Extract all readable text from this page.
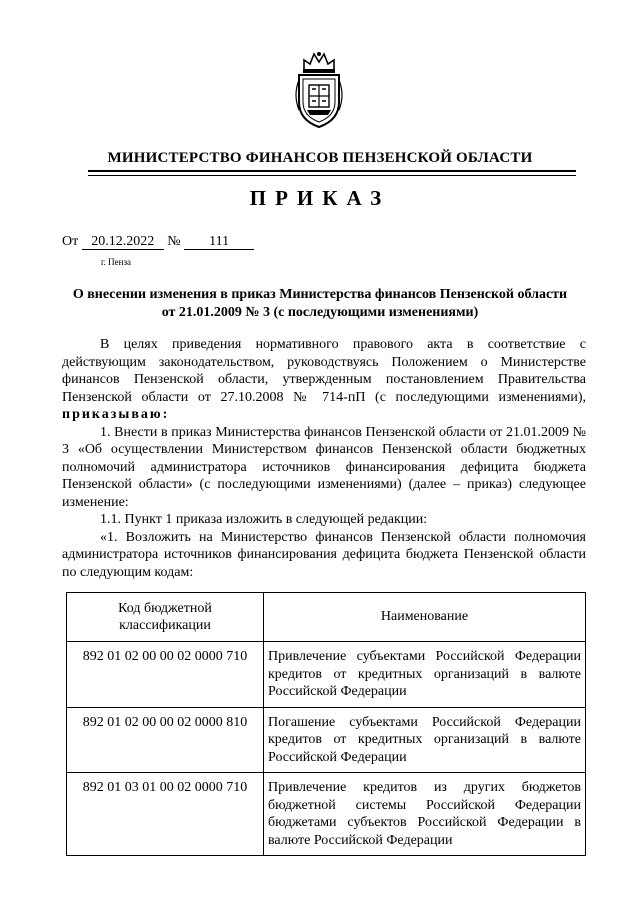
МИНИСТЕРСТВО ФИНАНСОВ ПЕНЗЕНСКОЙ ОБЛАСТИ
ПРИКАЗ
От 20.12.2022 № 111
г. Пенза
О внесении изменения в приказ Министерства финансов Пензенской области от 21.01.2009 № 3 (с последующими изменениями)

В целях приведения нормативного правового акта в соответствие с действующим законодательством, руководствуясь Положением о Министерстве финансов Пензенской области, утвержденным постановлением Правительства Пензенской области от 27.10.2008 № 714-пП (с последующими изменениями), приказываю:

1. Внести в приказ Министерства финансов Пензенской области от 21.01.2009 № 3 «Об осуществлении Министерством финансов Пензенской области бюджетных полномочий администратора источников финансирования дефицита бюджета Пензенской области» (с последующими изменениями) (далее – приказ) следующее изменение:

1.1. Пункт 1 приказа изложить в следующей редакции:

«1. Возложить на Министерство финансов Пензенской области полномочия администратора источников финансирования дефицита бюджета Пензенской области по следующим кодам:

Код бюджетной классификации	Наименование
892 01 02 00 00 02 0000 710	Привлечение субъектами Российской Федерации кредитов от кредитных организаций в валюте Российской Федерации
892 01 02 00 00 02 0000 810	Погашение субъектами Российской Федерации кредитов от кредитных организаций в валюте Российской Федерации
892 01 03 01 00 02 0000 710	Привлечение кредитов из других бюджетов бюджетной системы Российской Федерации бюджетами субъектов Российской Федерации в валюте Российской Федерации
